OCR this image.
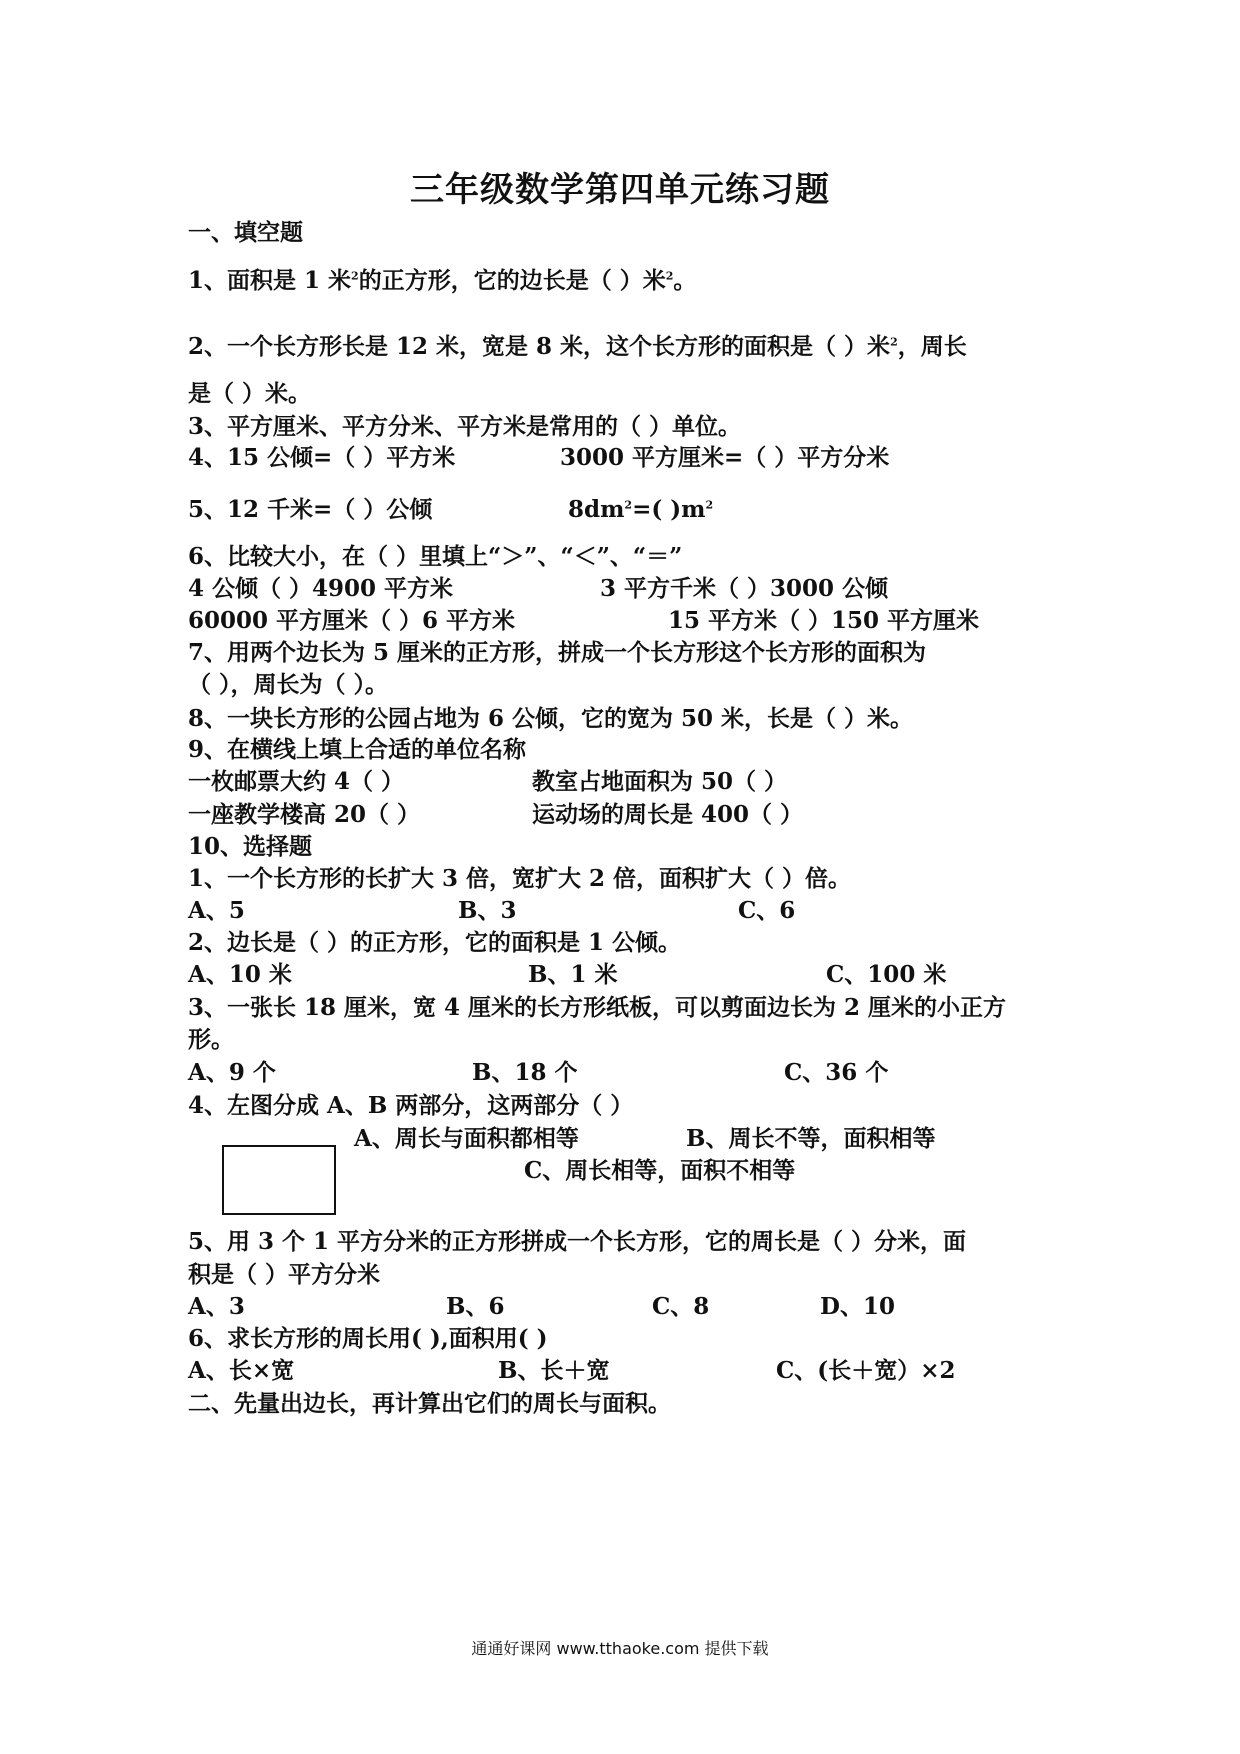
三年级数学第四单元练习题
一、填空题
1、面积是 1 米$^2$的正方形，它的边长是（ ）米$^2$。
2、一个长方形长是 12 米，宽是 8 米，这个长方形的面积是（ ）米$^2$，周长
是（ ）米。
3、平方厘米、平方分米、平方米是常用的（ ）单位。
4、15 公倾=（ ）平方米	3000 平方厘米=（ ）平方分米
5、12 千米=（ ）公倾	$8dm^2=$( )$m^2$
6、比较大小，在（ ）里填上“＞”、“＜”、“＝”
4 公倾（ ）4900 平方米	3 平方千米（ ）3000 公倾
60000 平方厘米（ ）6 平方米	15 平方米（ ）150 平方厘米
7、用两个边长为 5 厘米的正方形，拼成一个长方形这个长方形的面积为
（ ），周长为（ ）。
8、一块长方形的公园占地为 6 公倾，它的宽为 50 米，长是（ ）米。
9、在横线上填上合适的单位名称
一枚邮票大约 4（ ）	教室占地面积为 50（ ）
一座教学楼高 20（ ）	运动场的周长是 400（ ）
10、选择题
1、一个长方形的长扩大 3 倍，宽扩大 2 倍，面积扩大（ ）倍。
A、5	B、3	C、6
2、边长是（ ）的正方形，它的面积是 1 公倾。
A、10 米	B、1 米	C、100 米
3、一张长 18 厘米，宽 4 厘米的长方形纸板，可以剪面边长为 2 厘米的小正方
形。
A、9 个	B、18 个	C、36 个
4、左图分成 A、B 两部分，这两部分（ ）
A、周长与面积都相等	B、周长不等，面积相等
C、周长相等，面积不相等
5、用 3 个 1 平方分米的正方形拼成一个长方形，它的周长是（ ）分米，面
积是（ ）平方分米
A、3	B、6	C、8	D、10
6、求长方形的周长用( ),面积用( )
A、长×宽	B、长＋宽	C、(长＋宽）×2
二、先量出边长，再计算出它们的周长与面积。
通通好课网 www.tthaoke.com 提供下载
